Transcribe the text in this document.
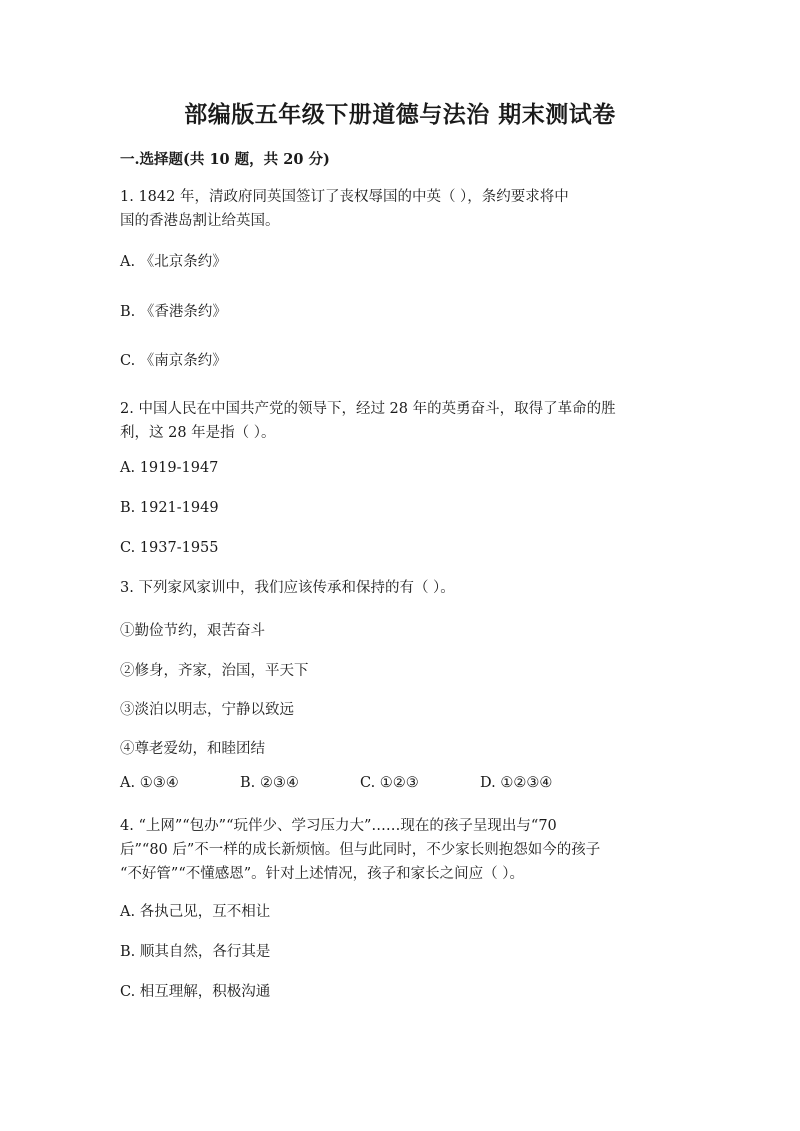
部编版五年级下册道德与法治 期末测试卷
一.选择题(共 10 题，共 20 分)
1. 1842 年，清政府同英国签订了丧权辱国的中英（ ），条约要求将中
国的香港岛割让给英国。
A. 《北京条约》
B. 《香港条约》
C. 《南京条约》
2. 中国人民在中国共产党的领导下，经过 28 年的英勇奋斗，取得了革命的胜
利，这 28 年是指（ ）。
A. 1919-1947
B. 1921-1949
C. 1937-1955
3. 下列家风家训中，我们应该传承和保持的有（ ）。
①勤俭节约，艰苦奋斗
②修身，齐家，治国，平天下
③淡泊以明志，宁静以致远
④尊老爱幼，和睦团结
A. ①③④	B. ②③④	C. ①②③	D. ①②③④
4. “上网”“包办”“玩伴少、学习压力大”……现在的孩子呈现出与“70
后”“80 后”不一样的成长新烦恼。但与此同时，不少家长则抱怨如今的孩子
“不好管”“不懂感恩”。针对上述情况，孩子和家长之间应（ ）。
A. 各执己见，互不相让
B. 顺其自然，各行其是
C. 相互理解，积极沟通
